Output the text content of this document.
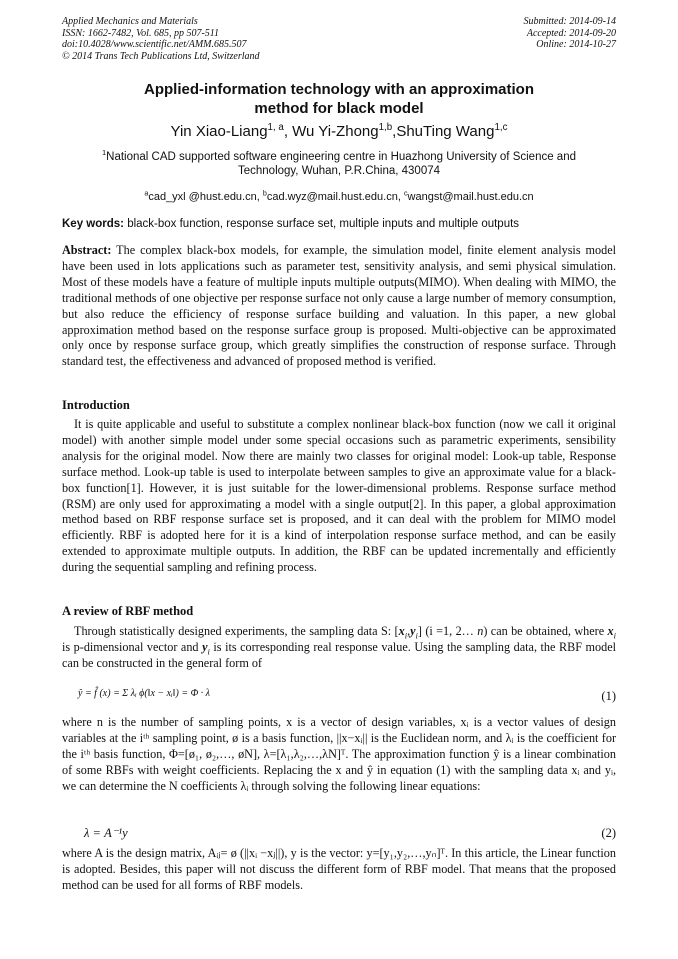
Applied Mechanics and Materials
ISSN: 1662-7482, Vol. 685, pp 507-511
doi:10.4028/www.scientific.net/AMM.685.507
© 2014 Trans Tech Publications Ltd, Switzerland
Submitted: 2014-09-14
Accepted: 2014-09-20
Online: 2014-10-27
Applied-information technology with an approximation
method for black model
Yin Xiao-Liang$^{1, a}$, Wu Yi-Zhong$^{1,b}$,ShuTing Wang$^{1,c}$
$^1$National CAD supported software engineering centre in Huazhong University of Science and
Technology, Wuhan, P.R.China, 430074
$^a$cad_yxl @hust.edu.cn, $^b$cad.wyz@mail.hust.edu.cn, $^c$wangst@mail.hust.edu.cn
Key words: black-box function, response surface set, multiple inputs and multiple outputs
Abstract: The complex black-box models, for example, the simulation model, finite element analysis model have been used in lots applications such as parameter test, sensitivity analysis, and semi physical simulation. Most of these models have a feature of multiple inputs multiple outputs(MIMO). When dealing with MIMO, the traditional methods of one objective per response surface not only cause a large number of memory consumption, but also reduce the efficiency of response surface building and valuation. In this paper, a new global approximation method based on the response surface group is proposed. Multi-objective can be approximated only once by response surface group, which greatly simplifies the construction of response surface. Through standard test, the effectiveness and advanced of proposed method is verified.
Introduction
It is quite applicable and useful to substitute a complex nonlinear black-box function (now we call it original model) with another simple model under some special occasions such as parametric experiments, sensibility analysis for the original model. Now there are mainly two classes for original model: Look-up table, Response surface method. Look-up table is used to interpolate between samples to give an approximate value for a black-box function[1]. However, it is just suitable for the lower-dimensional problems. Response surface method (RSM) are only used for approximating a model with a single output[2]. In this paper, a global approximation method based on RBF response surface set is proposed, and it can deal with the problem for MIMO model efficiently. RBF is adopted here for it is a kind of interpolation response surface method, and can be easily extended to approximate multiple outputs. In addition, the RBF can be updated incrementally and efficiently during the sequential sampling and refining process.
A review of RBF method
Through statistically designed experiments, the sampling data S: $[x_i,y_i]$ (i =1, 2… n) can be obtained, where $x_i$ is p-dimensional vector and $y_i$ is its corresponding real response value. Using the sampling data, the RBF model can be constructed in the general form of
ŷ = f̂ (x) = Σ λᵢ ϕ(‖x − xᵢ‖) = Φ · λ	(1)
where n is the number of sampling points, x is a vector of design variables, xᵢ is a vector values of design variables at the iᵗʰ sampling point, ø is a basis function, ||x−xᵢ|| is the Euclidean norm, and λᵢ is the coefficient for the iᵗʰ basis function, Φ=[ø₁, ø₂,…, øN], λ=[λ₁,λ₂,…,λN]ᵀ. The approximation function ŷ is a linear combination of some RBFs with weight coefficients. Replacing the x and ŷ in equation (1) with the sampling data xᵢ and yᵢ, we can determine the N coefficients λᵢ through solving the following linear equations:
λ = A⁻¹y	(2)
where A is the design matrix, Aᵢⱼ= ø (||xᵢ −xⱼ||), y is the vector: y=[y₁,y₂,…,yₙ]ᵀ. In this article, the Linear function is adopted. Besides, this paper will not discuss the different form of RBF model. That means that the proposed method can be used for all forms of RBF models.
